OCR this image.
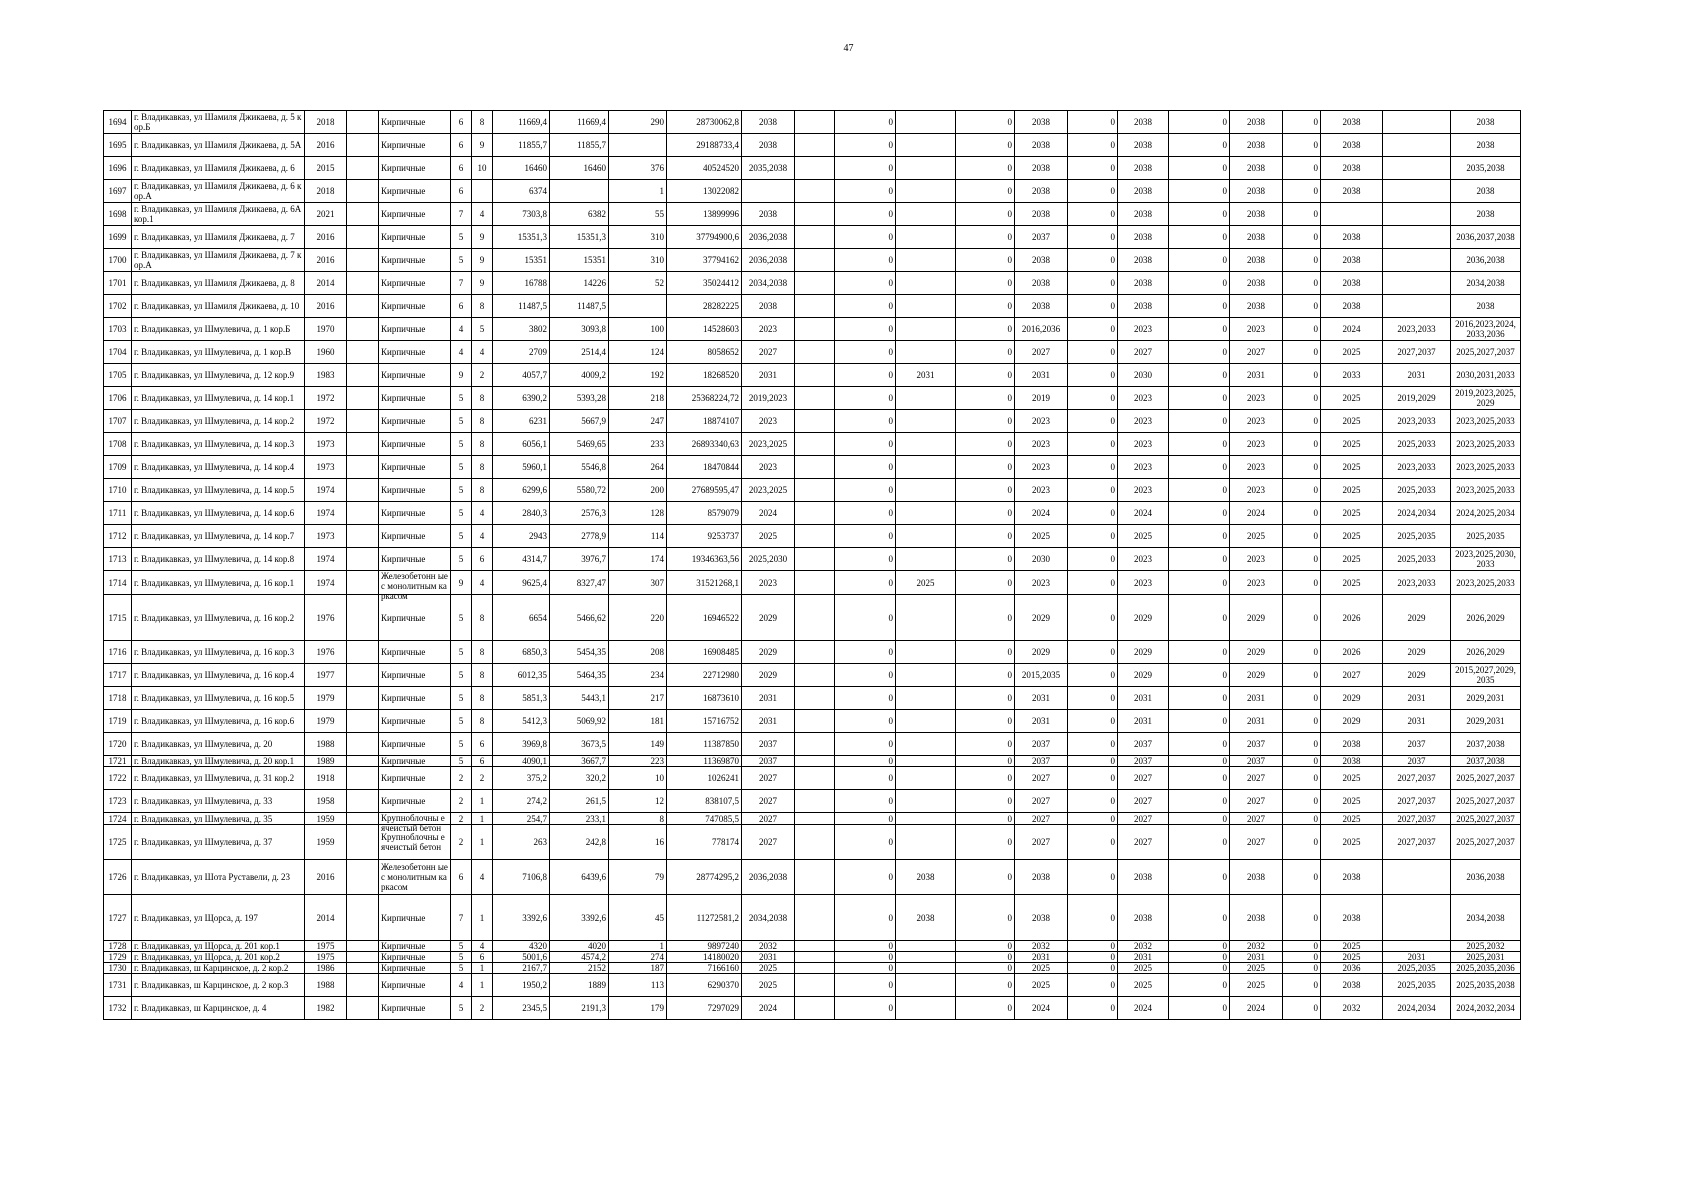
47
1694	г. Владикавказ, ул Шамиля Джикаева, д. 5 кор.Б	2018		Кирпичные	6	8	11669,4	11669,4	290	28730062,8	2038		0		0	2038	0	2038	0	2038	0	2038		2038

1695	г. Владикавказ, ул Шамиля Джикаева, д. 5А	2016		Кирпичные	6	9	11855,7	11855,7		29188733,4	2038		0		0	2038	0	2038	0	2038	0	2038		2038

1696	г. Владикавказ, ул Шамиля Джикаева, д. 6	2015		Кирпичные	6	10	16460	16460	376	40524520	2035,2038		0		0	2038	0	2038	0	2038	0	2038		2035,2038

1697	г. Владикавказ, ул Шамиля Джикаева, д. 6 кор.А	2018		Кирпичные	6		6374		1	13022082			0		0	2038	0	2038	0	2038	0	2038		2038

1698	г. Владикавказ, ул Шамиля Джикаева, д. 6А кор.1	2021		Кирпичные	7	4	7303,8	6382	55	13899996	2038		0		0	2038	0	2038	0	2038	0			2038

1699	г. Владикавказ, ул Шамиля Джикаева, д. 7	2016		Кирпичные	5	9	15351,3	15351,3	310	37794900,6	2036,2038		0		0	2037	0	2038	0	2038	0	2038		2036,2037,2038

1700	г. Владикавказ, ул Шамиля Джикаева, д. 7 кор.А	2016		Кирпичные	5	9	15351	15351	310	37794162	2036,2038		0		0	2038	0	2038	0	2038	0	2038		2036,2038

1701	г. Владикавказ, ул Шамиля Джикаева, д. 8	2014		Кирпичные	7	9	16788	14226	52	35024412	2034,2038		0		0	2038	0	2038	0	2038	0	2038		2034,2038

1702	г. Владикавказ, ул Шамиля Джикаева, д. 10	2016		Кирпичные	6	8	11487,5	11487,5		28282225	2038		0		0	2038	0	2038	0	2038	0	2038		2038

1703	г. Владикавказ, ул Шмулевича, д. 1 кор.Б	1970		Кирпичные	4	5	3802	3093,8	100	14528603	2023		0		0	2016,2036	0	2023	0	2023	0	2024	2023,2033	2016,2023,2024, 2033,2036

1704	г. Владикавказ, ул Шмулевича, д. 1 кор.В	1960		Кирпичные	4	4	2709	2514,4	124	8058652	2027		0		0	2027	0	2027	0	2027	0	2025	2027,2037	2025,2027,2037

1705	г. Владикавказ, ул Шмулевича, д. 12 кор.9	1983		Кирпичные	9	2	4057,7	4009,2	192	18268520	2031		0	2031	0	2031	0	2030	0	2031	0	2033	2031	2030,2031,2033

1706	г. Владикавказ, ул Шмулевича, д. 14 кор.1	1972		Кирпичные	5	8	6390,2	5393,28	218	25368224,72	2019,2023		0		0	2019	0	2023	0	2023	0	2025	2019,2029	2019,2023,2025, 2029

1707	г. Владикавказ, ул Шмулевича, д. 14 кор.2	1972		Кирпичные	5	8	6231	5667,9	247	18874107	2023		0		0	2023	0	2023	0	2023	0	2025	2023,2033	2023,2025,2033

1708	г. Владикавказ, ул Шмулевича, д. 14 кор.3	1973		Кирпичные	5	8	6056,1	5469,65	233	26893340,63	2023,2025		0		0	2023	0	2023	0	2023	0	2025	2025,2033	2023,2025,2033

1709	г. Владикавказ, ул Шмулевича, д. 14 кор.4	1973		Кирпичные	5	8	5960,1	5546,8	264	18470844	2023		0		0	2023	0	2023	0	2023	0	2025	2023,2033	2023,2025,2033

1710	г. Владикавказ, ул Шмулевича, д. 14 кор.5	1974		Кирпичные	5	8	6299,6	5580,72	200	27689595,47	2023,2025		0		0	2023	0	2023	0	2023	0	2025	2025,2033	2023,2025,2033

1711	г. Владикавказ, ул Шмулевича, д. 14 кор.6	1974		Кирпичные	5	4	2840,3	2576,3	128	8579079	2024		0		0	2024	0	2024	0	2024	0	2025	2024,2034	2024,2025,2034

1712	г. Владикавказ, ул Шмулевича, д. 14 кор.7	1973		Кирпичные	5	4	2943	2778,9	114	9253737	2025		0		0	2025	0	2025	0	2025	0	2025	2025,2035	2025,2035

1713	г. Владикавказ, ул Шмулевича, д. 14 кор.8	1974		Кирпичные	5	6	4314,7	3976,7	174	19346363,56	2025,2030		0		0	2030	0	2023	0	2023	0	2025	2025,2033	2023,2025,2030, 2033

1714	г. Владикавказ, ул Шмулевича, д. 16 кор.1	1974		Железобетонн ые с монолитным каркасом	9	4	9625,4	8327,47	307	31521268,1	2023		0	2025	0	2023	0	2023	0	2023	0	2025	2023,2033	2023,2025,2033

1715	г. Владикавказ, ул Шмулевича, д. 16 кор.2	1976		Кирпичные	5	8	6654	5466,62	220	16946522	2029		0		0	2029	0	2029	0	2029	0	2026	2029	2026,2029

1716	г. Владикавказ, ул Шмулевича, д. 16 кор.3	1976		Кирпичные	5	8	6850,3	5454,35	208	16908485	2029		0		0	2029	0	2029	0	2029	0	2026	2029	2026,2029

1717	г. Владикавказ, ул Шмулевича, д. 16 кор.4	1977		Кирпичные	5	8	6012,35	5464,35	234	22712980	2029		0		0	2015,2035	0	2029	0	2029	0	2027	2029	2015,2027,2029, 2035

1718	г. Владикавказ, ул Шмулевича, д. 16 кор.5	1979		Кирпичные	5	8	5851,3	5443,1	217	16873610	2031		0		0	2031	0	2031	0	2031	0	2029	2031	2029,2031

1719	г. Владикавказ, ул Шмулевича, д. 16 кор.6	1979		Кирпичные	5	8	5412,3	5069,92	181	15716752	2031		0		0	2031	0	2031	0	2031	0	2029	2031	2029,2031

1720	г. Владикавказ, ул Шмулевича, д. 20	1988		Кирпичные	5	6	3969,8	3673,5	149	11387850	2037		0		0	2037	0	2037	0	2037	0	2038	2037	2037,2038

1721	г. Владикавказ, ул Шмулевича, д. 20 кор.1	1989		Кирпичные	5	6	4090,1	3667,7	223	11369870	2037		0		0	2037	0	2037	0	2037	0	2038	2037	2037,2038

1722	г. Владикавказ, ул Шмулевича, д. 31 кор.2	1918		Кирпичные	2	2	375,2	320,2	10	1026241	2027		0		0	2027	0	2027	0	2027	0	2025	2027,2037	2025,2027,2037

1723	г. Владикавказ, ул Шмулевича, д. 33	1958		Кирпичные	2	1	274,2	261,5	12	838107,5	2027		0		0	2027	0	2027	0	2027	0	2025	2027,2037	2025,2027,2037

1724	г. Владикавказ, ул Шмулевича, д. 35	1959		Крупноблочны е ячеистый бетон	2	1	254,7	233,1	8	747085,5	2027		0		0	2027	0	2027	0	2027	0	2025	2027,2037	2025,2027,2037

1725	г. Владикавказ, ул Шмулевича, д. 37	1959		Крупноблочны е ячеистый бетон	2	1	263	242,8	16	778174	2027		0		0	2027	0	2027	0	2027	0	2025	2027,2037	2025,2027,2037

1726	г. Владикавказ, ул Шота Руставели, д. 23	2016		Железобетонн ые с монолитным каркасом	6	4	7106,8	6439,6	79	28774295,2	2036,2038		0	2038	0	2038	0	2038	0	2038	0	2038		2036,2038

1727	г. Владикавказ, ул Щорса, д. 197	2014		Кирпичные	7	1	3392,6	3392,6	45	11272581,2	2034,2038		0	2038	0	2038	0	2038	0	2038	0	2038		2034,2038

1728	г. Владикавказ, ул Щорса, д. 201 кор.1	1975		Кирпичные	5	4	4320	4020	1	9897240	2032		0		0	2032	0	2032	0	2032	0	2025		2025,2032

1729	г. Владикавказ, ул Щорса, д. 201 кор.2	1975		Кирпичные	5	6	5001,6	4574,2	274	14180020	2031		0		0	2031	0	2031	0	2031	0	2025	2031	2025,2031

1730	г. Владикавказ, ш Карцинское, д. 2 кор.2	1986		Кирпичные	5	1	2167,7	2152	187	7166160	2025		0		0	2025	0	2025	0	2025	0	2036	2025,2035	2025,2035,2036

1731	г. Владикавказ, ш Карцинское, д. 2 кор.3	1988		Кирпичные	4	1	1950,2	1889	113	6290370	2025		0		0	2025	0	2025	0	2025	0	2038	2025,2035	2025,2035,2038

1732	г. Владикавказ, ш Карцинское, д. 4	1982		Кирпичные	5	2	2345,5	2191,3	179	7297029	2024		0		0	2024	0	2024	0	2024	0	2032	2024,2034	2024,2032,2034
